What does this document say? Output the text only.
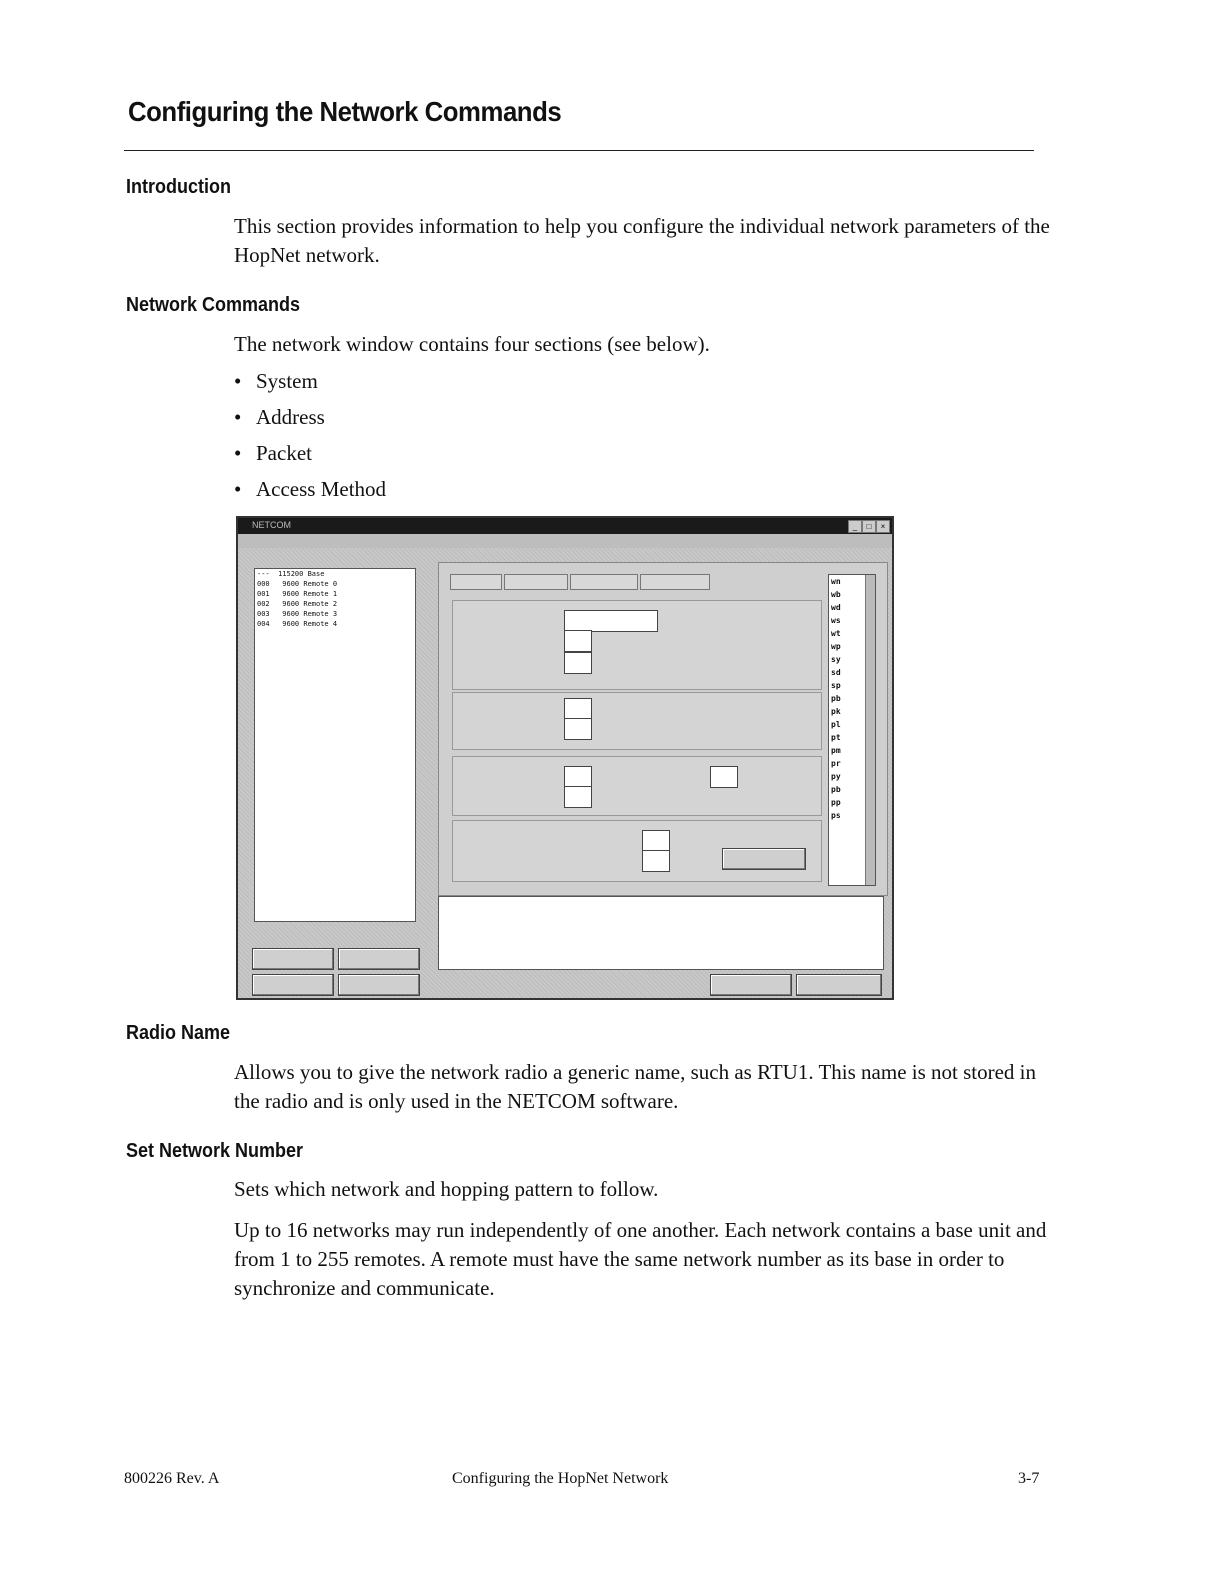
Configuring the Network Commands
Introduction

This section provides information to help you configure the individual network parameters of the HopNet network.

Network Commands

The network window contains four sections (see below).

• System
• Address
• Packet
• Access Method
NETCOM	_	□	×
---  115200 Base
000   9600 Remote 0
001   9600 Remote 1
002   9600 Remote 2
003   9600 Remote 3
004   9600 Remote 4
wn
wb
wd
ws
wt
wp
sy
sd
sp
pb
pk
pl
pt
pm
pr
py
pb
pp
ps
Radio Name

Allows you to give the network radio a generic name, such as RTU1. This name is not stored in the radio and is only used in the NETCOM software.

Set Network Number

Sets which network and hopping pattern to follow.

Up to 16 networks may run independently of one another. Each network contains a base unit and from 1 to 255 remotes. A remote must have the same network number as its base in order to synchronize and communicate.

800226 Rev. A	Configuring the HopNet Network	3-7
